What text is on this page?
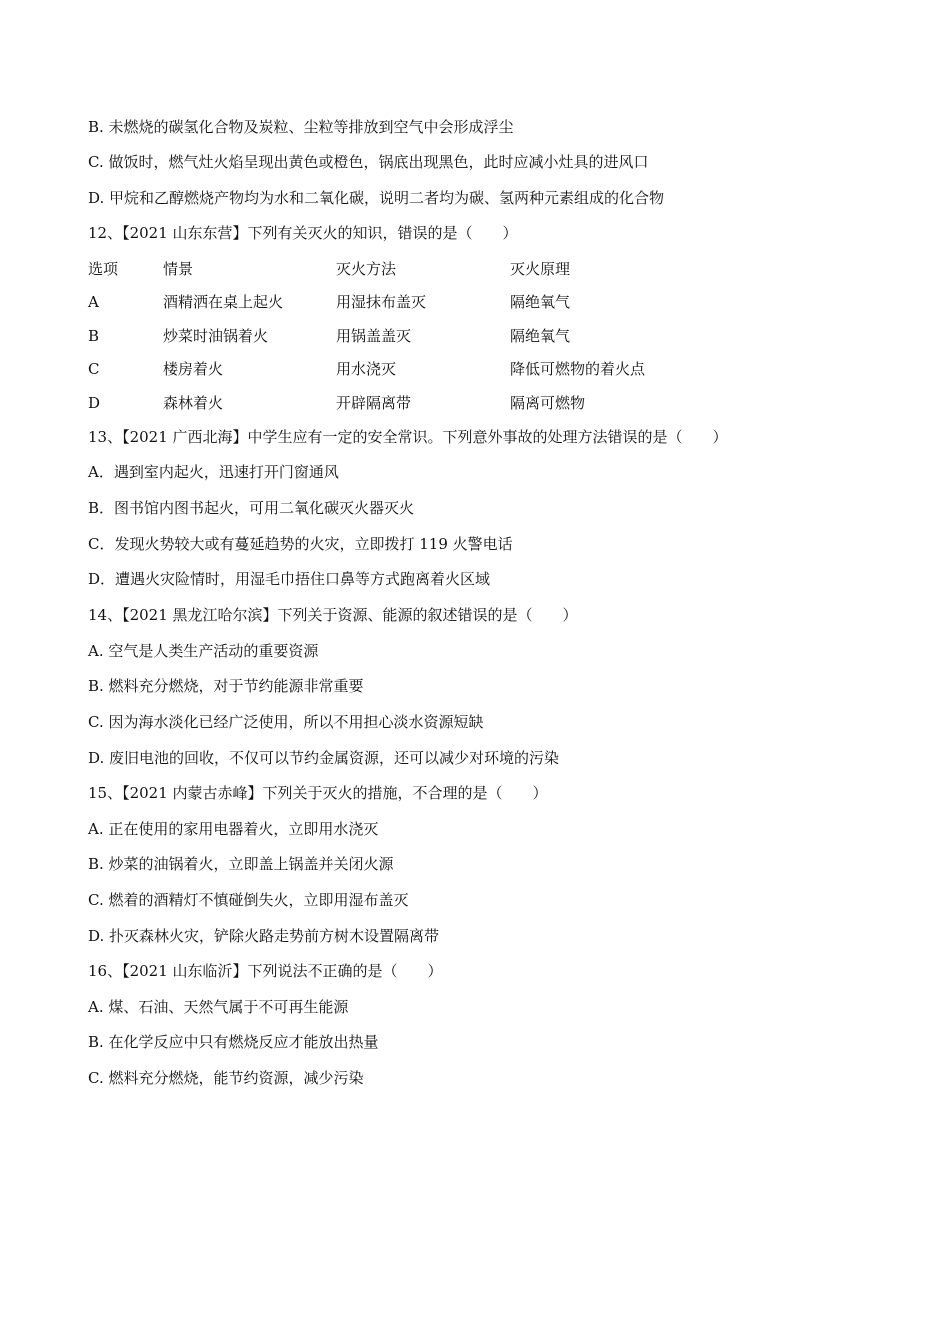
B. 未燃烧的碳氢化合物及炭粒、尘粒等排放到空气中会形成浮尘
C. 做饭时，燃气灶火焰呈现出黄色或橙色，锅底出现黑色，此时应减小灶具的进风口
D. 甲烷和乙醇燃烧产物均为水和二氧化碳，说明二者均为碳、氢两种元素组成的化合物
12、【2021 山东东营】下列有关灭火的知识，错误的是（　　）
选项	情景	灭火方法	灭火原理
A	酒精洒在桌上起火	用湿抹布盖灭	隔绝氧气
B	炒菜时油锅着火	用锅盖盖灭	隔绝氧气
C	楼房着火	用水浇灭	降低可燃物的着火点
D	森林着火	开辟隔离带	隔离可燃物
13、【2021 广西北海】中学生应有一定的安全常识。下列意外事故的处理方法错误的是（　　）
A．遇到室内起火，迅速打开门窗通风
B．图书馆内图书起火，可用二氧化碳灭火器灭火
C．发现火势较大或有蔓延趋势的火灾，立即拨打 119 火警电话
D．遭遇火灾险情时，用湿毛巾捂住口鼻等方式跑离着火区域
14、【2021 黑龙江哈尔滨】下列关于资源、能源的叙述错误的是（　　）
A. 空气是人类生产活动的重要资源
B. 燃料充分燃烧，对于节约能源非常重要
C. 因为海水淡化已经广泛使用，所以不用担心淡水资源短缺
D. 废旧电池的回收，不仅可以节约金属资源，还可以减少对环境的污染
15、【2021 内蒙古赤峰】下列关于灭火的措施，不合理的是（　　）
A. 正在使用的家用电器着火，立即用水浇灭
B. 炒菜的油锅着火，立即盖上锅盖并关闭火源
C. 燃着的酒精灯不慎碰倒失火，立即用湿布盖灭
D. 扑灭森林火灾，铲除火路走势前方树木设置隔离带
16、【2021 山东临沂】下列说法不正确的是（　　）
A. 煤、石油、天然气属于不可再生能源
B. 在化学反应中只有燃烧反应才能放出热量
C. 燃料充分燃烧，能节约资源，减少污染
